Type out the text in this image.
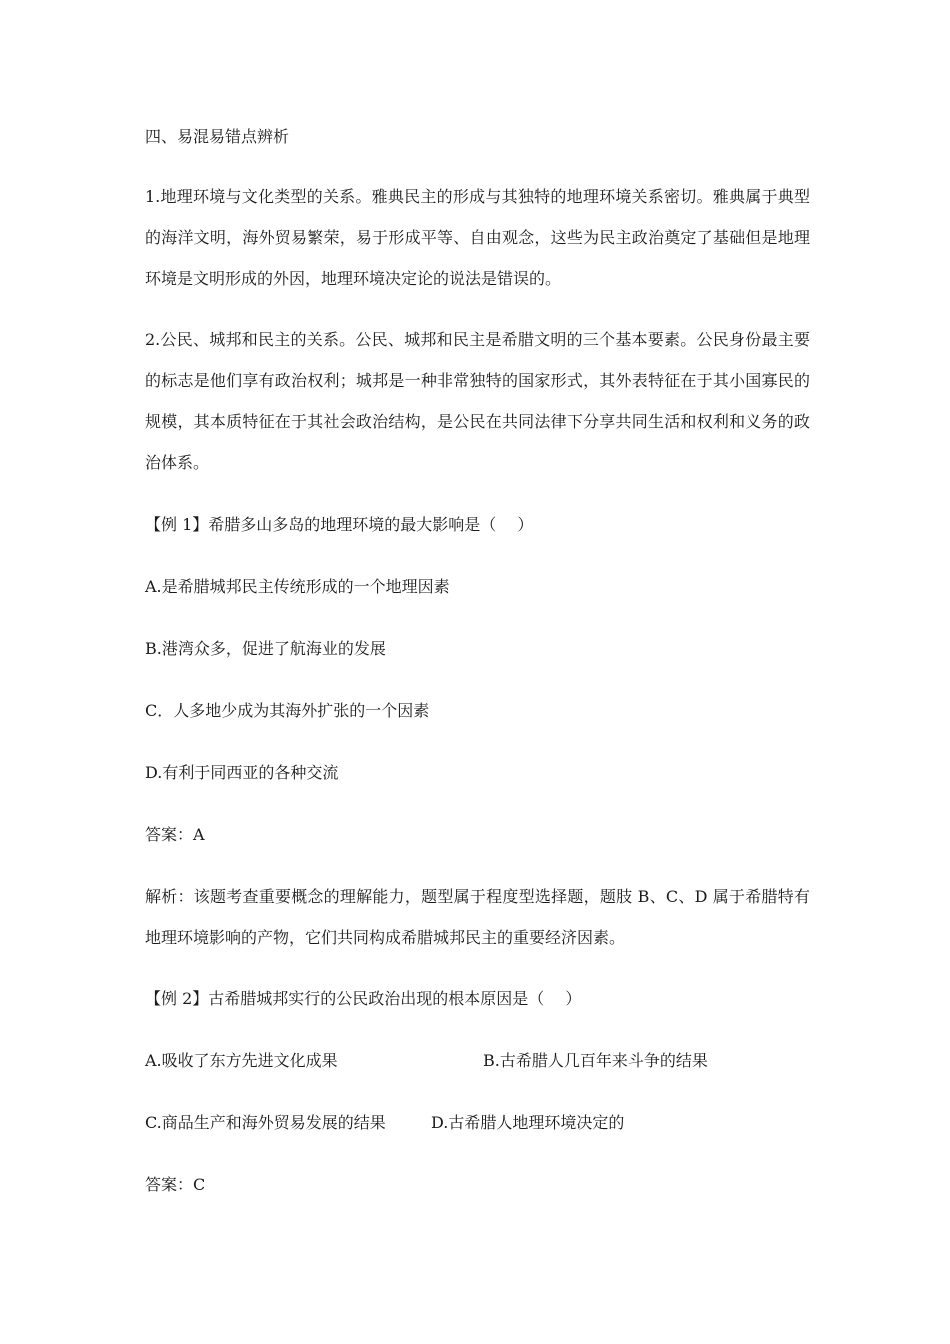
四、易混易错点辨析
1.地理环境与文化类型的关系。雅典民主的形成与其独特的地理环境关系密切。雅典属于典型的海洋文明，海外贸易繁荣，易于形成平等、自由观念，这些为民主政治奠定了基础但是地理环境是文明形成的外因，地理环境决定论的说法是错误的。
2.公民、城邦和民主的关系。公民、城邦和民主是希腊文明的三个基本要素。公民身份最主要的标志是他们享有政治权利；城邦是一种非常独特的国家形式，其外表特征在于其小国寡民的规模，其本质特征在于其社会政治结构，是公民在共同法律下分享共同生活和权利和义务的政治体系。
【例 1】希腊多山多岛的地理环境的最大影响是（　 ）
A.是希腊城邦民主传统形成的一个地理因素
B.港湾众多，促进了航海业的发展
C．人多地少成为其海外扩张的一个因素
D.有利于同西亚的各种交流
答案：A
解析：该题考查重要概念的理解能力，题型属于程度型选择题，题肢 B、C、D 属于希腊特有地理环境影响的产物，它们共同构成希腊城邦民主的重要经济因素。
【例 2】古希腊城邦实行的公民政治出现的根本原因是（　 ）
A.吸收了东方先进文化成果	B.古希腊人几百年来斗争的结果
C.商品生产和海外贸易发展的结果	D.古希腊人地理环境决定的
答案：C
